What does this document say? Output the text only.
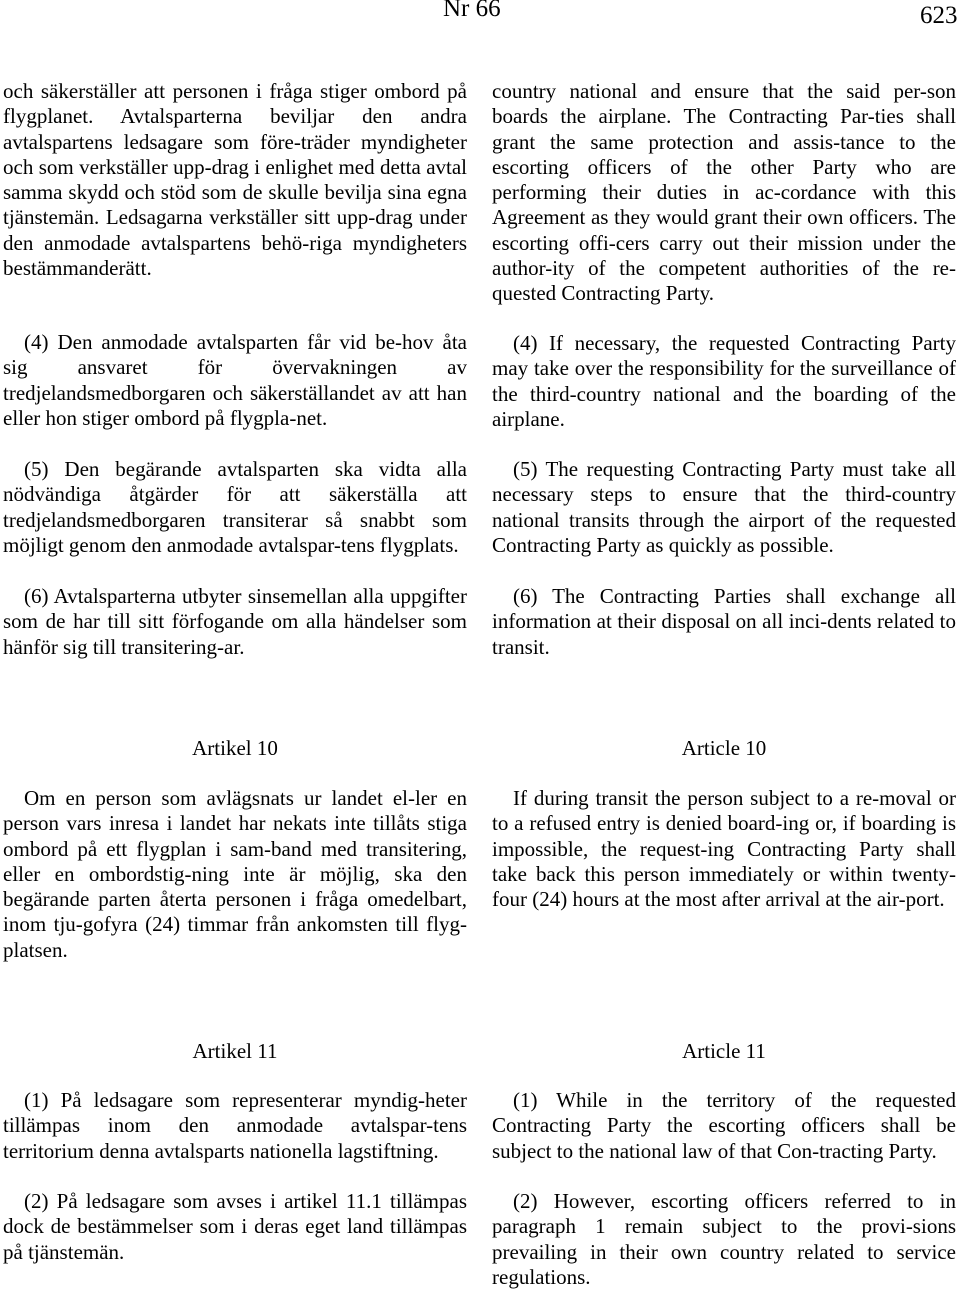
Nr 66	623

och säkerställer att personen i fråga stiger ombord på flygplanet. Avtalsparterna beviljar den andra avtalspartens ledsagare som före-träder myndigheter och som verkställer upp-drag i enlighet med detta avtal samma skydd och stöd som de skulle bevilja sina egna tjänstemän. Ledsagarna verkställer sitt upp-drag under den anmodade avtalspartens behö-riga myndigheters bestämmanderätt.

(4) Den anmodade avtalsparten får vid be-hov åta sig ansvaret för övervakningen av tredjelandsmedborgaren och säkerställandet av att han eller hon stiger ombord på flygpla-net.

(5) Den begärande avtalsparten ska vidta alla nödvändiga åtgärder för att säkerställa att tredjelandsmedborgaren transiterar så snabbt som möjligt genom den anmodade avtalspar-tens flygplats.

(6) Avtalsparterna utbyter sinsemellan alla uppgifter som de har till sitt förfogande om alla händelser som hänför sig till transitering-ar.

Artikel 10

Om en person som avlägsnats ur landet el-ler en person vars inresa i landet har nekats inte tillåts stiga ombord på ett flygplan i sam-band med transitering, eller en ombordstig-ning inte är möjlig, ska den begärande parten återta personen i fråga omedelbart, inom tju-gofyra (24) timmar från ankomsten till flyg-platsen.

Artikel 11

(1) På ledsagare som representerar myndig-heter tillämpas inom den anmodade avtalspar-tens territorium denna avtalsparts nationella lagstiftning.

(2) På ledsagare som avses i artikel 11.1 tillämpas dock de bestämmelser som i deras eget land tillämpas på tjänstemän.

country national and ensure that the said per-son boards the airplane. The Contracting Par-ties shall grant the same protection and assis-tance to the escorting officers of the other Party who are performing their duties in ac-cordance with this Agreement as they would grant their own officers. The escorting offi-cers carry out their mission under the author-ity of the competent authorities of the re-quested Contracting Party.

(4) If necessary, the requested Contracting Party may take over the responsibility for the surveillance of the third-country national and the boarding of the airplane.

(5) The requesting Contracting Party must take all necessary steps to ensure that the third-country national transits through the airport of the requested Contracting Party as quickly as possible.

(6) The Contracting Parties shall exchange all information at their disposal on all inci-dents related to transit.

Article 10

If during transit the person subject to a re-moval or to a refused entry is denied board-ing or, if boarding is impossible, the request-ing Contracting Party shall take back this person immediately or within twenty-four (24) hours at the most after arrival at the air-port.

Article 11

(1) While in the territory of the requested Contracting Party the escorting officers shall be subject to the national law of that Con-tracting Party.

(2) However, escorting officers referred to in paragraph 1 remain subject to the provi-sions prevailing in their own country related to service regulations.
